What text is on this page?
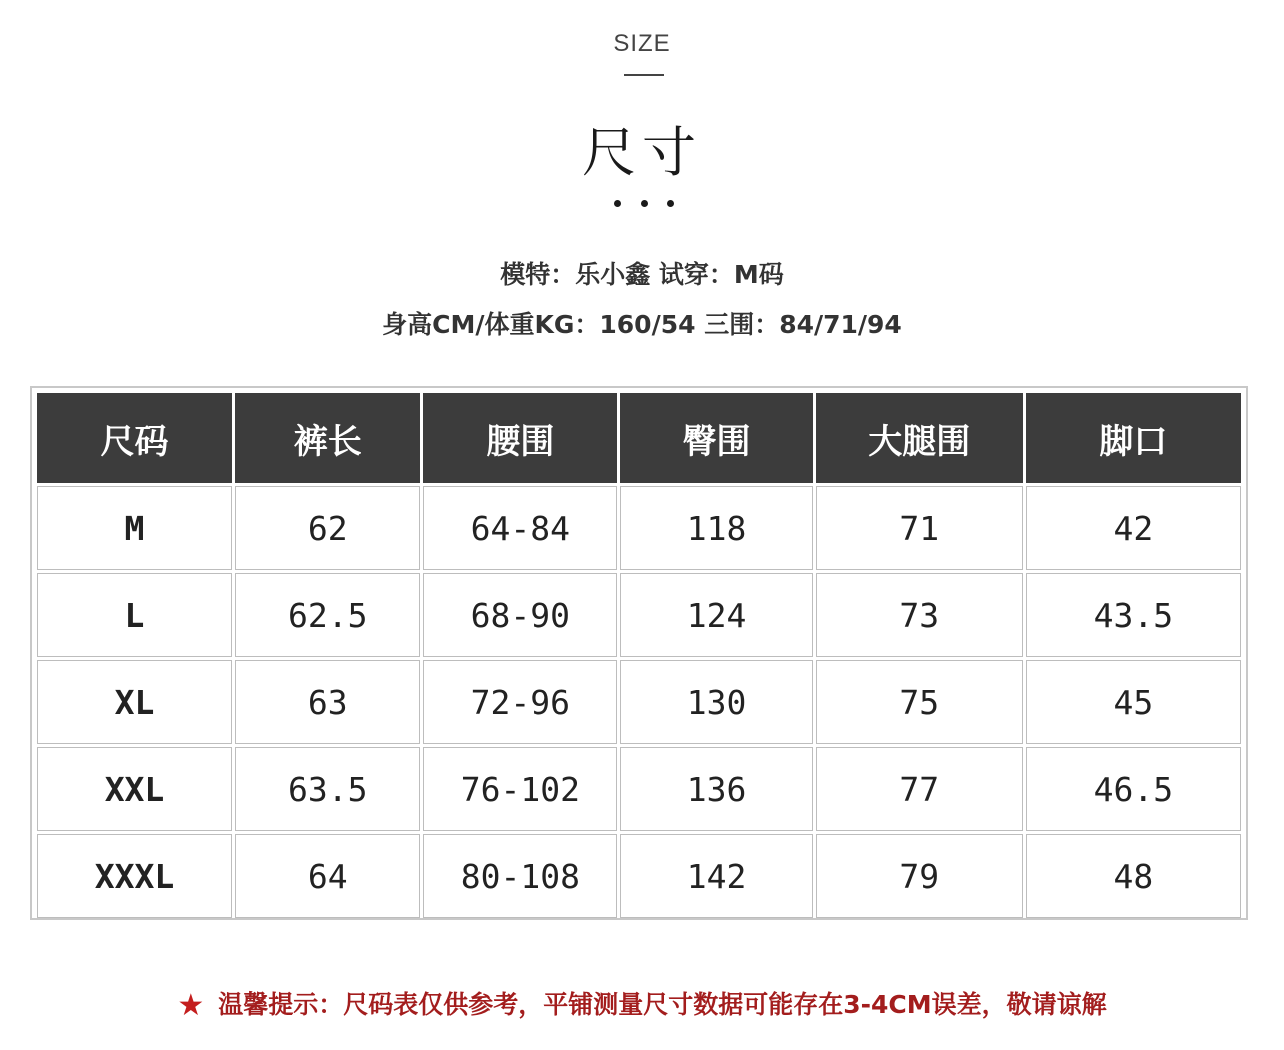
SIZE
尺寸
模特：乐小鑫 试穿：M码
身高CM/体重KG：160/54 三围：84/71/94
尺码	裤长	腰围	臀围	大腿围	脚口
M	62	64-84	118	71	42
L	62.5	68-90	124	73	43.5
XL	63	72-96	130	75	45
XXL	63.5	76-102	136	77	46.5
XXXL	64	80-108	142	79	48
★ 温馨提示：尺码表仅供参考，平铺测量尺寸数据可能存在3-4CM误差，敬请谅解
